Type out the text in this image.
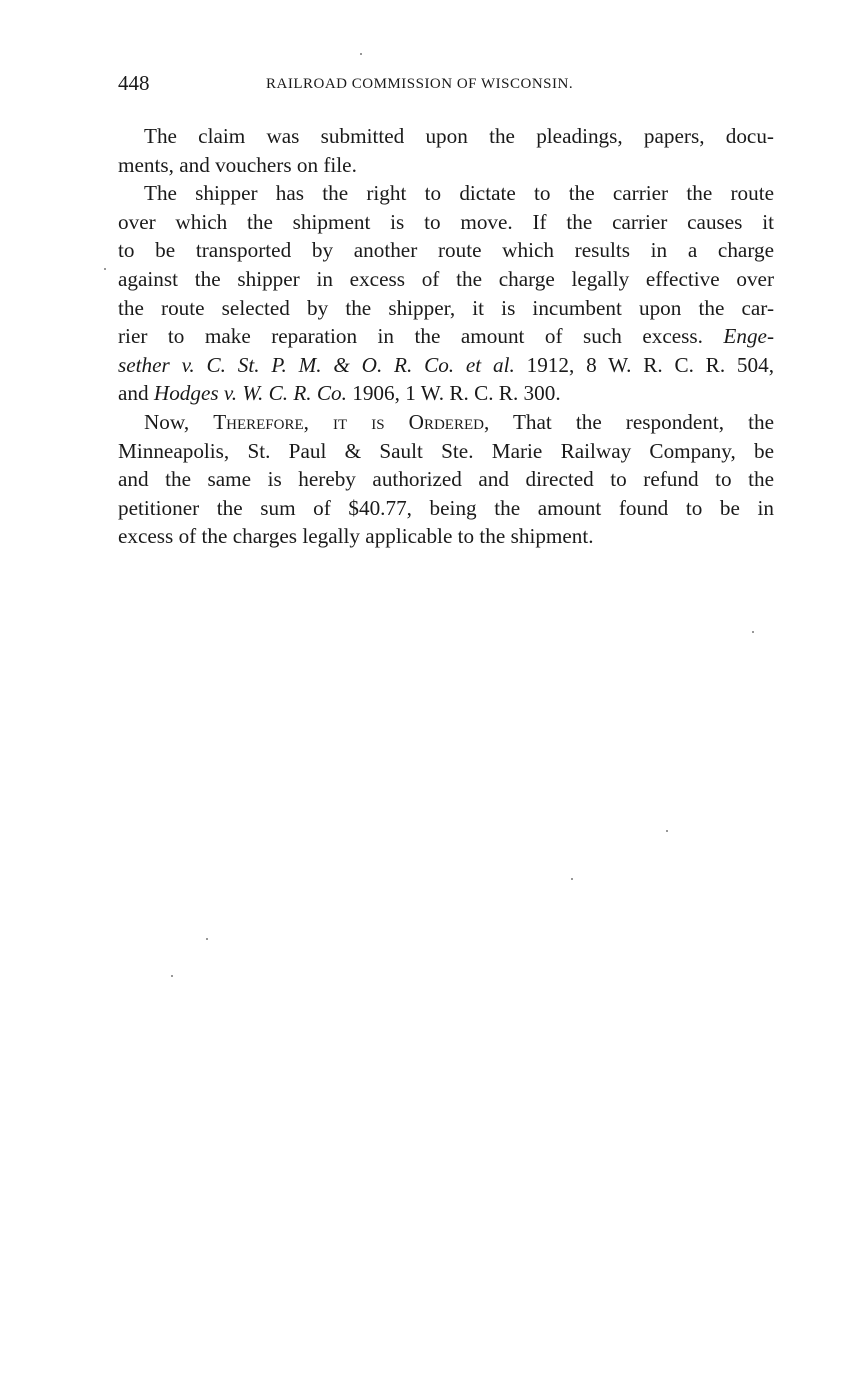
448	RAILROAD COMMISSION OF WISCONSIN.

The claim was submitted upon the pleadings, papers, docu-
ments, and vouchers on file.

The shipper has the right to dictate to the carrier the route
over which the shipment is to move. If the carrier causes it
to be transported by another route which results in a charge
against the shipper in excess of the charge legally effective over
the route selected by the shipper, it is incumbent upon the car-
rier to make reparation in the amount of such excess. Enge-
sether v. C. St. P. M. & O. R. Co. et al. 1912, 8 W. R. C. R. 504,
and Hodges v. W. C. R. Co. 1906, 1 W. R. C. R. 300.

Now, Therefore, it is Ordered, That the respondent, the
Minneapolis, St. Paul & Sault Ste. Marie Railway Company, be
and the same is hereby authorized and directed to refund to the
petitioner the sum of $40.77, being the amount found to be in
excess of the charges legally applicable to the shipment.
